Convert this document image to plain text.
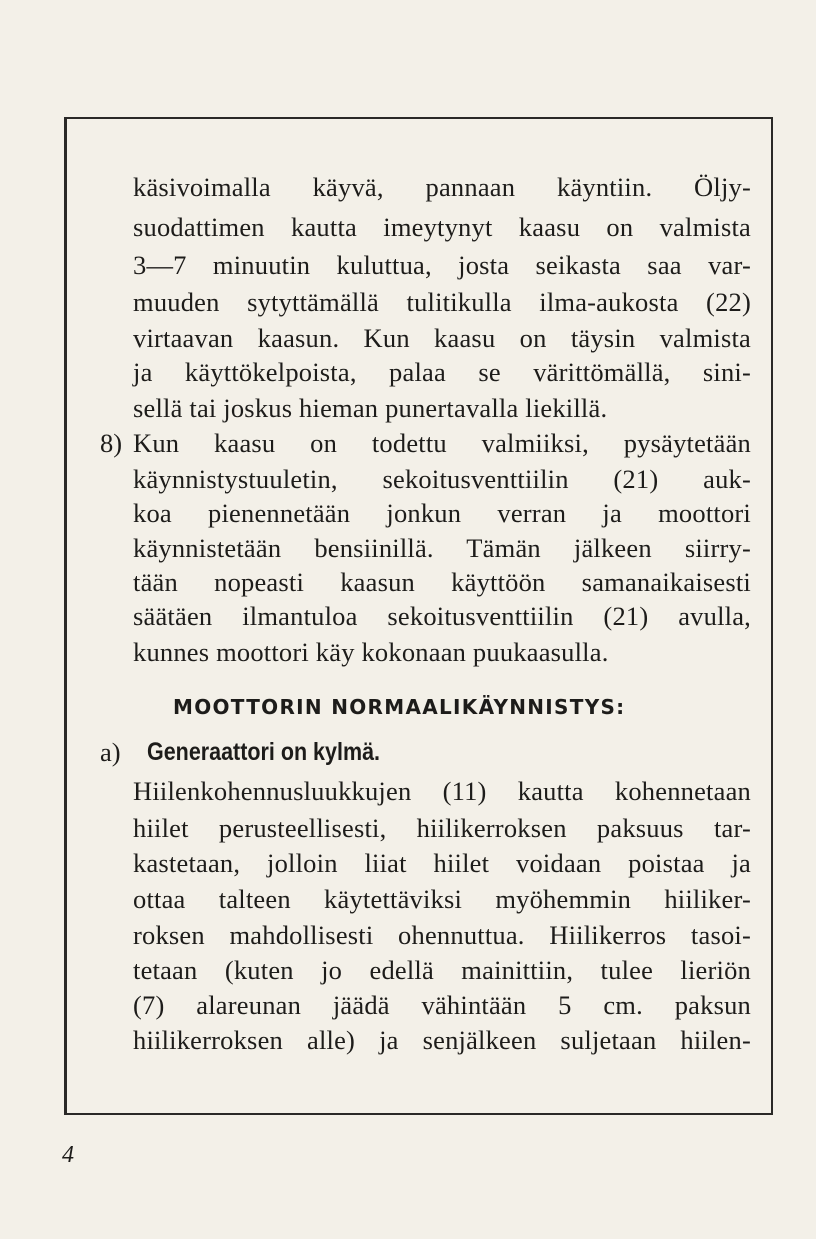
käsivoimalla käyvä, pannaan käyntiin. Öljy-
suodattimen kautta imeytynyt kaasu on valmista
3—7 minuutin kuluttua, josta seikasta saa var-
muuden sytyttämällä tulitikulla ilma-aukosta (22)
virtaavan kaasun. Kun kaasu on täysin valmista
ja käyttökelpoista, palaa se värittömällä, sini-
sellä tai joskus hieman punertavalla liekillä.
8) Kun kaasu on todettu valmiiksi, pysäytetään
käynnistystuuletin, sekoitusventtiilin (21) auk-
koa pienennetään jonkun verran ja moottori
käynnistetään bensiinillä. Tämän jälkeen siirry-
tään nopeasti kaasun käyttöön samanaikaisesti
säätäen ilmantuloa sekoitusventtiilin (21) avulla,
kunnes moottori käy kokonaan puukaasulla.
MOOTTORIN NORMAALIKÄYNNISTYS:
a) Generaattori on kylmä.
Hiilenkohennusluukkujen (11) kautta kohennetaan
hiilet perusteellisesti, hiilikerroksen paksuus tar-
kastetaan, jolloin liiat hiilet voidaan poistaa ja
ottaa talteen käytettäviksi myöhemmin hiiliker-
roksen mahdollisesti ohennuttua. Hiilikerros tasoi-
tetaan (kuten jo edellä mainittiin, tulee lieriön
(7) alareunan jäädä vähintään 5 cm. paksun
hiilikerroksen alle) ja senjälkeen suljetaan hiilen-
4
